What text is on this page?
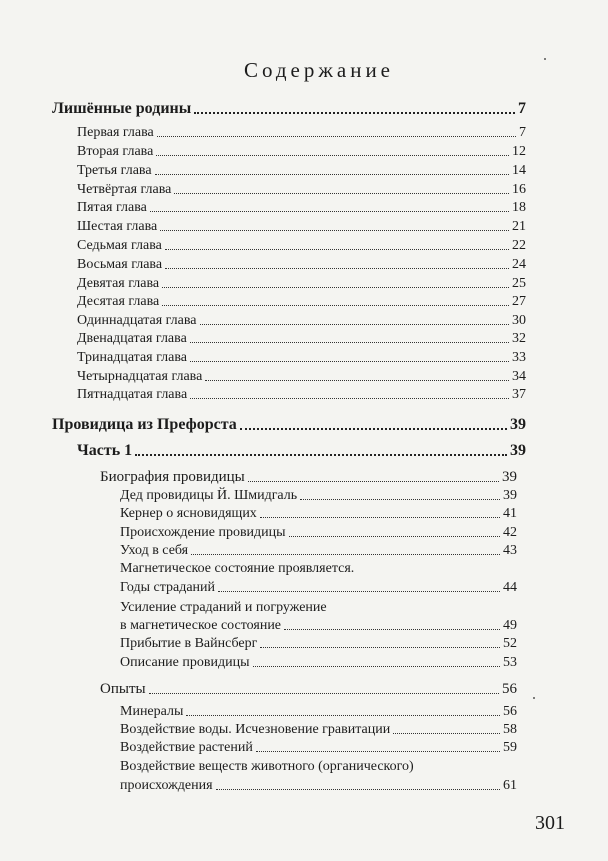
Содержание
Лишённые родины	7
Первая глава	7
Вторая глава	12
Третья глава	14
Четвёртая глава	16
Пятая глава	18
Шестая глава	21
Седьмая глава	22
Восьмая глава	24
Девятая глава	25
Десятая глава	27
Одиннадцатая глава	30
Двенадцатая глава	32
Тринадцатая глава	33
Четырнадцатая глава	34
Пятнадцатая глава	37
Провидица из Префорста	39
Часть 1	39
Биография провидицы	39
Дед провидицы Й. Шмидгаль	39
Кернер о ясновидящих	41
Происхождение провидицы	42
Уход в себя	43
Магнетическое состояние проявляется.
Годы страданий	44
Усиление страданий и погружение
в магнетическое состояние	49
Прибытие в Вайнсберг	52
Описание провидицы	53
Опыты	56
Минералы	56
Воздействие воды. Исчезновение гравитации	58
Воздействие растений	59
Воздействие веществ животного (органического)
происхождения	61
301
